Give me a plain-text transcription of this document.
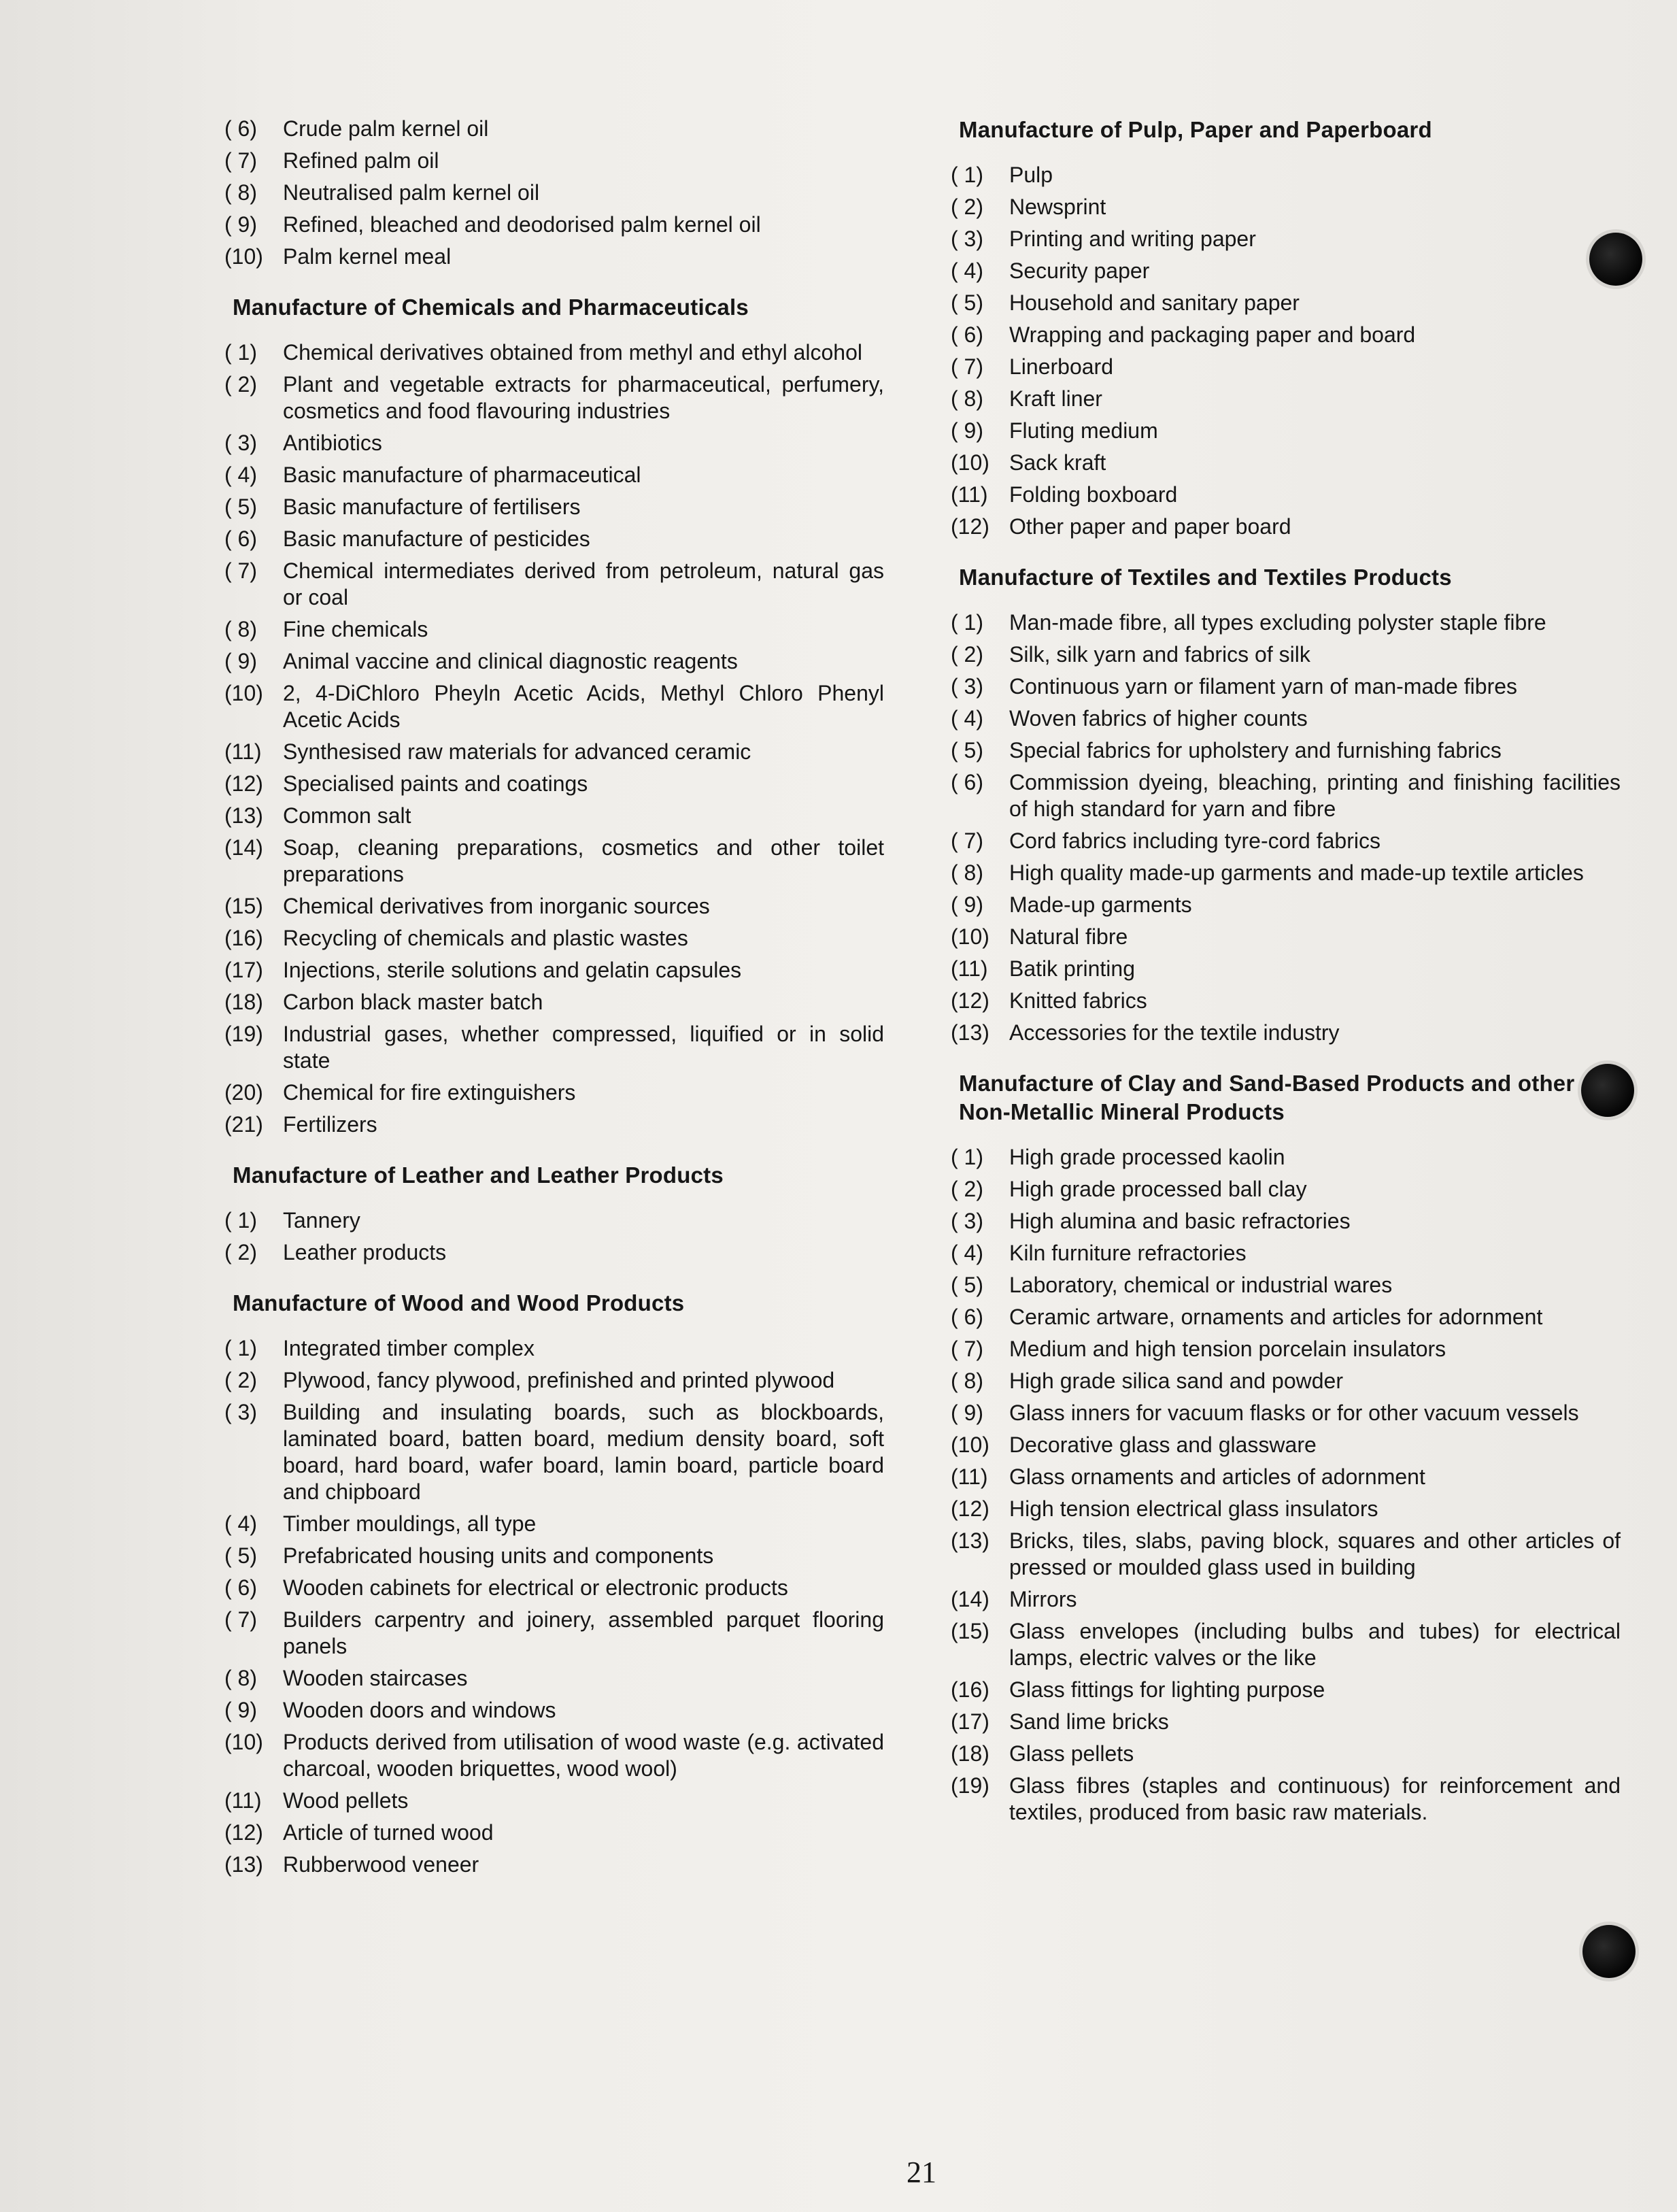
( 6)	Crude palm kernel oil
( 7)	Refined palm oil
( 8)	Neutralised palm kernel oil
( 9)	Refined, bleached and deodorised palm kernel oil
(10) Palm kernel meal
Manufacture of Chemicals and Pharmaceuticals
( 1)	Chemical derivatives obtained from methyl and ethyl alcohol
( 2)	Plant and vegetable extracts for pharmaceutical, perfumery, cosmetics and food flavouring industries
( 3)	Antibiotics
( 4)	Basic manufacture of pharmaceutical
( 5)	Basic manufacture of fertilisers
( 6)	Basic manufacture of pesticides
( 7)	Chemical intermediates derived from petroleum, natural gas or coal
( 8)	Fine chemicals
( 9)	Animal vaccine and clinical diagnostic reagents
(10) 2, 4-DiChloro Pheyln Acetic Acids, Methyl Chloro Phenyl Acetic Acids
(11) Synthesised raw materials for advanced ceramic
(12) Specialised paints and coatings
(13) Common salt
(14) Soap, cleaning preparations, cosmetics and other toilet preparations
(15) Chemical derivatives from inorganic sources
(16) Recycling of chemicals and plastic wastes
(17) Injections, sterile solutions and gelatin capsules
(18) Carbon black master batch
(19) Industrial gases, whether compressed, liquified or in solid state
(20) Chemical for fire extinguishers
(21) Fertilizers
Manufacture of Leather and Leather Products
( 1)	Tannery
( 2)	Leather products
Manufacture of Wood and Wood Products
( 1)	Integrated timber complex
( 2)	Plywood, fancy plywood, prefinished and printed plywood
( 3)	Building and insulating boards, such as blockboards, laminated board, batten board, medium density board, soft board, hard board, wafer board, lamin board, particle board and chipboard
( 4)	Timber mouldings, all type
( 5)	Prefabricated housing units and components
( 6)	Wooden cabinets for electrical or electronic products
( 7)	Builders carpentry and joinery, assembled parquet flooring panels
( 8)	Wooden staircases
( 9)	Wooden doors and windows
(10) Products derived from utilisation of wood waste (e.g. activated charcoal, wooden briquettes, wood wool)
(11) Wood pellets
(12) Article of turned wood
(13) Rubberwood veneer
Manufacture of Pulp, Paper and Paperboard
( 1)	Pulp
( 2)	Newsprint
( 3)	Printing and writing paper
( 4)	Security paper
( 5)	Household and sanitary paper
( 6)	Wrapping and packaging paper and board
( 7)	Linerboard
( 8)	Kraft liner
( 9)	Fluting medium
(10) Sack kraft
(11) Folding boxboard
(12) Other paper and paper board
Manufacture of Textiles and Textiles Products
( 1)	Man-made fibre, all types excluding polyster staple fibre
( 2)	Silk, silk yarn and fabrics of silk
( 3)	Continuous yarn or filament yarn of man-made fibres
( 4)	Woven fabrics of higher counts
( 5)	Special fabrics for upholstery and furnishing fabrics
( 6)	Commission dyeing, bleaching, printing and finishing facilities of high standard for yarn and fibre
( 7)	Cord fabrics including tyre-cord fabrics
( 8)	High quality made-up garments and made-up textile articles
( 9)	Made-up garments
(10) Natural fibre
(11) Batik printing
(12) Knitted fabrics
(13) Accessories for the textile industry
Manufacture of Clay and Sand-Based Products and other Non-Metallic Mineral Products
( 1)	High grade processed kaolin
( 2)	High grade processed ball clay
( 3)	High alumina and basic refractories
( 4)	Kiln furniture refractories
( 5)	Laboratory, chemical or industrial wares
( 6)	Ceramic artware, ornaments and articles for adornment
( 7)	Medium and high tension porcelain insulators
( 8)	High grade silica sand and powder
( 9)	Glass inners for vacuum flasks or for other vacuum vessels
(10) Decorative glass and glassware
(11) Glass ornaments and articles of adornment
(12) High tension electrical glass insulators
(13) Bricks, tiles, slabs, paving block, squares and other articles of pressed or moulded glass used in building
(14) Mirrors
(15) Glass envelopes (including bulbs and tubes) for electrical lamps, electric valves or the like
(16) Glass fittings for lighting purpose
(17) Sand lime bricks
(18) Glass pellets
(19) Glass fibres (staples and continuous) for reinforcement and textiles, produced from basic raw materials.
21
